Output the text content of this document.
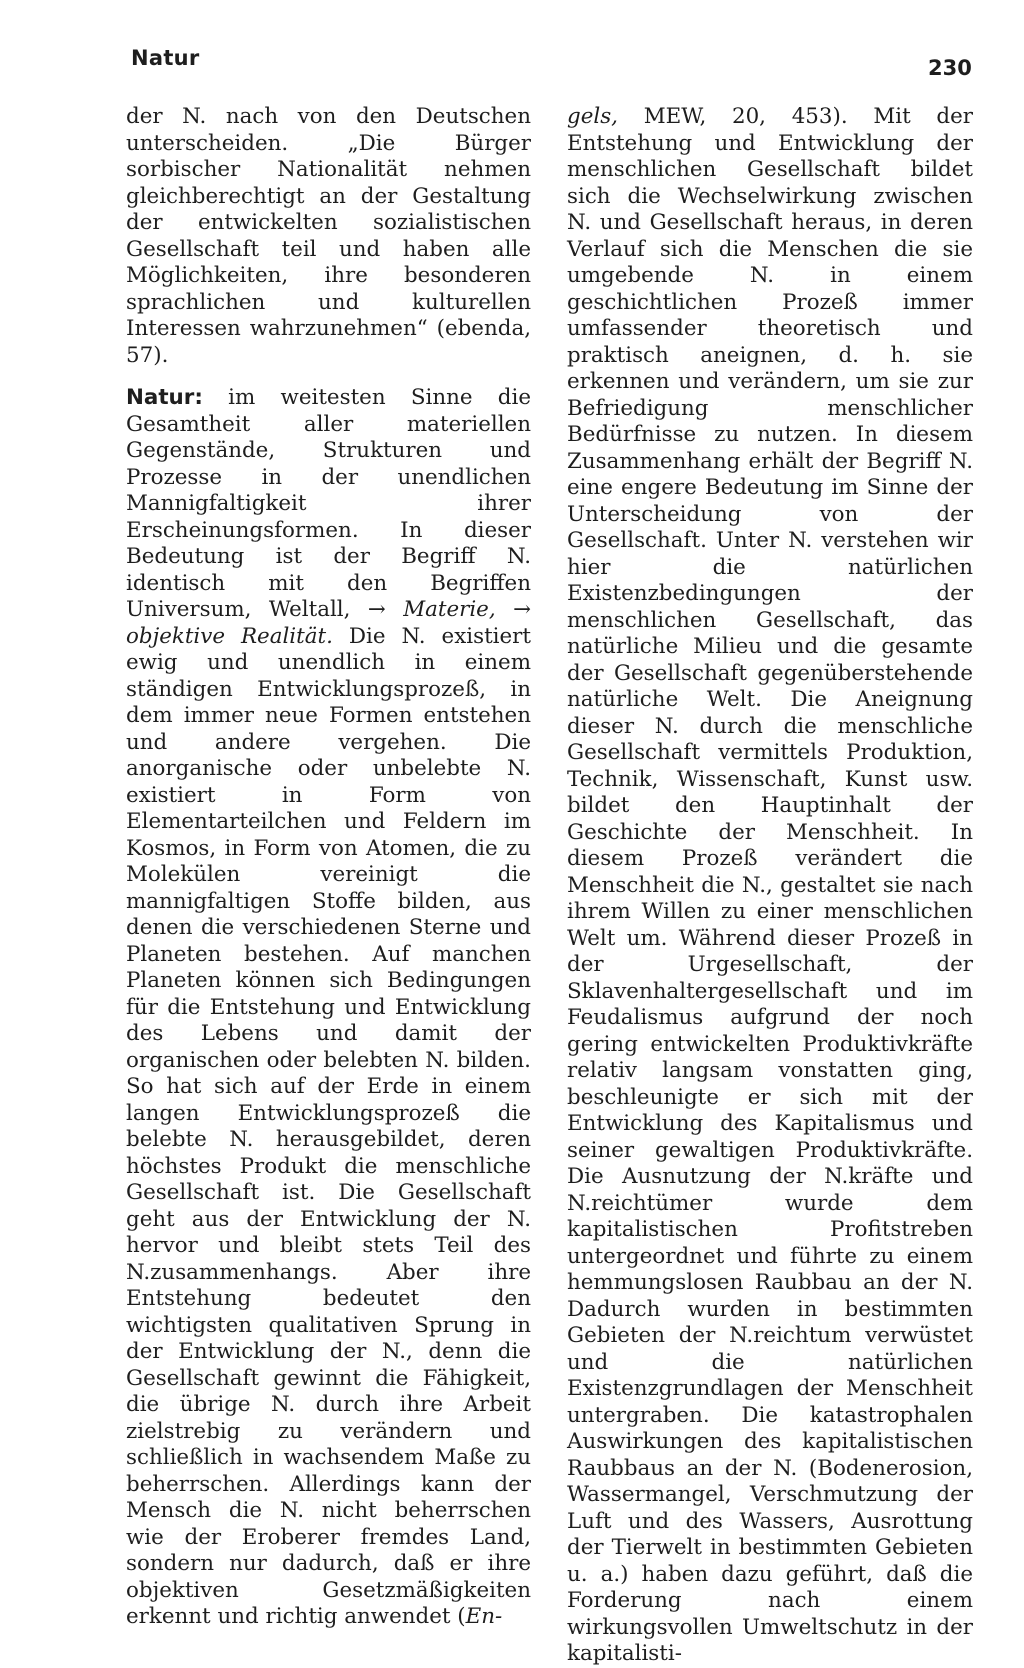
Natur	230

der N. nach von den Deutschen unterscheiden. „Die Bürger sorbischer Nationalität nehmen gleichberechtigt an der Gestaltung der entwickelten sozialistischen Gesellschaft teil und haben alle Möglichkeiten, ihre besonderen sprachlichen und kulturellen Interessen wahrzunehmen“ (ebenda, 57).

Natur: im weitesten Sinne die Gesamtheit aller materiellen Gegenstände, Strukturen und Prozesse in der unendlichen Mannigfaltigkeit ihrer Erscheinungsformen. In dieser Bedeutung ist der Begriff N. identisch mit den Begriffen Universum, Weltall, → Materie, → objektive Realität. Die N. existiert ewig und unendlich in einem ständigen Entwicklungsprozeß, in dem immer neue Formen entstehen und andere vergehen. Die anorganische oder unbelebte N. existiert in Form von Elementarteilchen und Feldern im Kosmos, in Form von Atomen, die zu Molekülen vereinigt die mannigfaltigen Stoffe bilden, aus denen die verschiedenen Sterne und Planeten bestehen. Auf manchen Planeten können sich Bedingungen für die Entstehung und Entwicklung des Lebens und damit der organischen oder belebten N. bilden. So hat sich auf der Erde in einem langen Entwicklungsprozeß die belebte N. herausgebildet, deren höchstes Produkt die menschliche Gesellschaft ist. Die Gesellschaft geht aus der Entwicklung der N. hervor und bleibt stets Teil des N.zusammenhangs. Aber ihre Entstehung bedeutet den wichtigsten qualitativen Sprung in der Entwicklung der N., denn die Gesellschaft gewinnt die Fähigkeit, die übrige N. durch ihre Arbeit zielstrebig zu verändern und schließlich in wachsendem Maße zu beherrschen. Allerdings kann der Mensch die N. nicht beherrschen wie der Eroberer fremdes Land, sondern nur dadurch, daß er ihre objektiven Gesetzmäßigkeiten erkennt und richtig anwendet (En-

gels, MEW, 20, 453). Mit der Entstehung und Entwicklung der menschlichen Gesellschaft bildet sich die Wechselwirkung zwischen N. und Gesellschaft heraus, in deren Verlauf sich die Menschen die sie umgebende N. in einem geschichtlichen Prozeß immer umfassender theoretisch und praktisch aneignen, d. h. sie erkennen und verändern, um sie zur Befriedigung menschlicher Bedürfnisse zu nutzen. In diesem Zusammenhang erhält der Begriff N. eine engere Bedeutung im Sinne der Unterscheidung von der Gesellschaft. Unter N. verstehen wir hier die natürlichen Existenzbedingungen der menschlichen Gesellschaft, das natürliche Milieu und die gesamte der Gesellschaft gegenüberstehende natürliche Welt. Die Aneignung dieser N. durch die menschliche Gesellschaft vermittels Produktion, Technik, Wissenschaft, Kunst usw. bildet den Hauptinhalt der Geschichte der Menschheit. In diesem Prozeß verändert die Menschheit die N., gestaltet sie nach ihrem Willen zu einer menschlichen Welt um. Während dieser Prozeß in der Urgesellschaft, der Sklavenhaltergesellschaft und im Feudalismus aufgrund der noch gering entwickelten Produktivkräfte relativ langsam vonstatten ging, beschleunigte er sich mit der Entwicklung des Kapitalismus und seiner gewaltigen Produktivkräfte. Die Ausnutzung der N.kräfte und N.reichtümer wurde dem kapitalistischen Profitstreben untergeordnet und führte zu einem hemmungslosen Raubbau an der N. Dadurch wurden in bestimmten Gebieten der N.reichtum verwüstet und die natürlichen Existenzgrundlagen der Menschheit untergraben. Die katastrophalen Auswirkungen des kapitalistischen Raubbaus an der N. (Bodenerosion, Wassermangel, Verschmutzung der Luft und des Wassers, Ausrottung der Tierwelt in bestimmten Gebieten u. a.) haben dazu geführt, daß die Forderung nach einem wirkungsvollen Umweltschutz in der kapitalisti-
